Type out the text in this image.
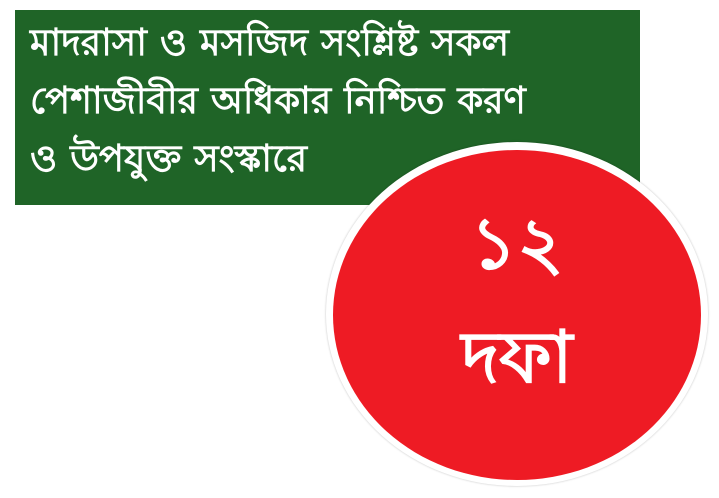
মাদরাসা ও মসজিদ সংশ্লিষ্ট সকল
পেশাজীবীর অধিকার নিশ্চিত করণ
ও উপযুক্ত সংস্কারে
১২
দফা
